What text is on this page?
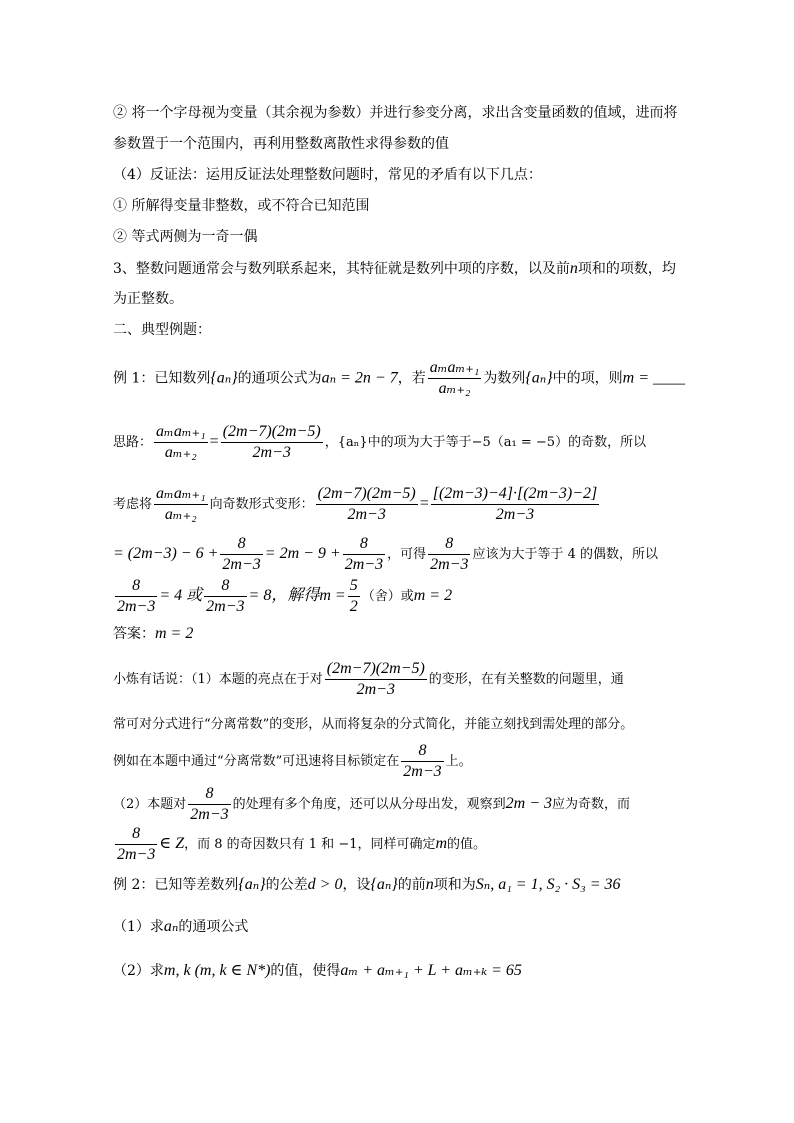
② 将一个字母视为变量（其余视为参数）并进行参变分离，求出含变量函数的值域，进而将
参数置于一个范围内，再利用整数离散性求得参数的值
（4）反证法：运用反证法处理整数问题时，常见的矛盾有以下几点：
① 所解得变量非整数，或不符合已知范围
② 等式两侧为一奇一偶
3、整数问题通常会与数列联系起来，其特征就是数列中项的序数，以及前n项和的项数，均
为正整数。
二、典型例题：
例 1：已知数列{aₙ}的通项公式为aₙ = 2n − 7，若 $\frac{\text{aₘaₘ₊₁}}{\text{aₘ₊₂}}$ 为数列{aₙ}中的项，则m = ____
思路： $\frac{\text{aₘaₘ₊₁}}{\text{aₘ₊₂}} = \frac{(2m-7)(2m-5)}{2m-3}$ ，{aₙ}中的项为大于等于−5（a₁ = −5）的奇数，所以
考虑将 $\frac{\text{aₘaₘ₊₁}}{\text{aₘ₊₂}}$ 向奇数形式变形： $\frac{(2m-7)(2m-5)}{2m-3} = \frac{[(2m-3)-4]\cdot[(2m-3)-2]}{2m-3}$
= $(2m-3) - 6 + \frac{8}{2m-3} = 2m - 9 + \frac{8}{2m-3}$ ，可得 $\frac{8}{2m-3}$ 应该为大于等于 4 的偶数，所以
$\frac{8}{2m-3} = 4$ 或 $\frac{8}{2m-3} = 8$，解得$m = \frac{5}{2}$ （舍）或m = 2
答案：m = 2
小炼有话说：（1）本题的亮点在于对 $\frac{(2m-7)(2m-5)}{2m-3}$ 的变形，在有关整数的问题里，通
常可对分式进行“分离常数”的变形，从而将复杂的分式简化，并能立刻找到需处理的部分。
例如在本题中通过“分离常数”可迅速将目标锁定在 $\frac{8}{2m-3}$ 上。
（2）本题对 $\frac{8}{2m-3}$ 的处理有多个角度，还可以从分母出发，观察到2m − 3应为奇数，而
$\frac{8}{2m-3}$ ∈ Z，而 8 的奇因数只有 1 和 −1，同样可确定m的值。
例 2：已知等差数列{aₙ}的公差d > 0，设{aₙ}的前n项和为Sₙ, a₁ = 1, S₂ · S₃ = 36
（1）求aₙ的通项公式
（2）求m, k (m, k ∈ N*)的值，使得aₘ + aₘ₊₁ + L + aₘ₊ₖ = 65
